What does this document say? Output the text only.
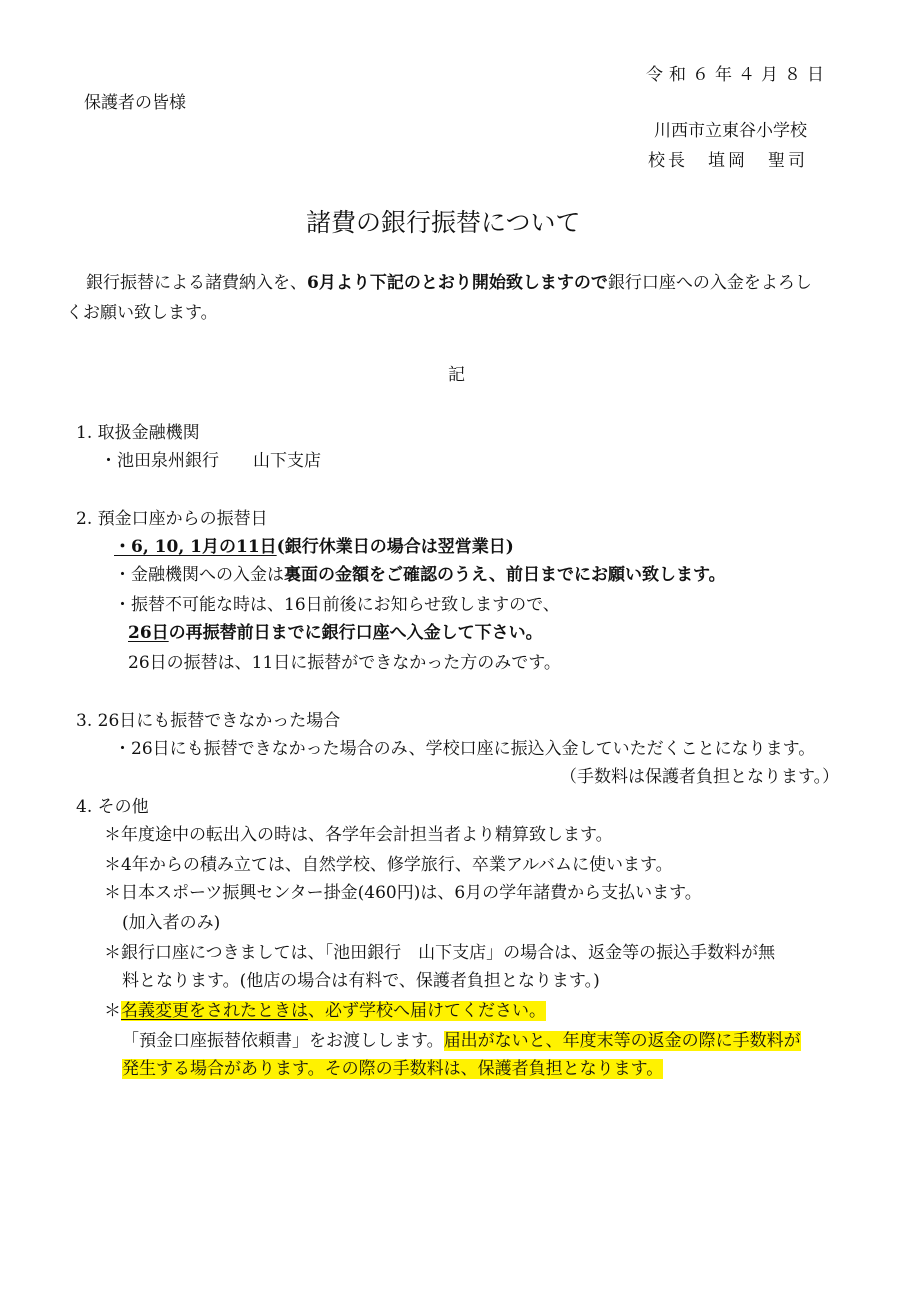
令和６年４月８日
保護者の皆様
川西市立東谷小学校
校長　埴岡　聖司
諸費の銀行振替について
銀行振替による諸費納入を、6月より下記のとおり開始致しますので銀行口座への入金をよろし
くお願い致します。
記
1. 取扱金融機関
・池田泉州銀行　　山下支店
2. 預金口座からの振替日
・6, 10, 1月の11日(銀行休業日の場合は翌営業日)
・金融機関への入金は裏面の金額をご確認のうえ、前日までにお願い致します。
・振替不可能な時は、16日前後にお知らせ致しますので、
26日の再振替前日までに銀行口座へ入金して下さい。
26日の振替は、11日に振替ができなかった方のみです。
3. 26日にも振替できなかった場合
・26日にも振替できなかった場合のみ、学校口座に振込入金していただくことになります。
（手数料は保護者負担となります。）
4. その他
＊年度途中の転出入の時は、各学年会計担当者より精算致します。
＊4年からの積み立ては、自然学校、修学旅行、卒業アルバムに使います。
＊日本スポーツ振興センター掛金(460円)は、6月の学年諸費から支払います。
(加入者のみ)
＊銀行口座につきましては、「池田銀行　山下支店」の場合は、返金等の振込手数料が無
料となります。(他店の場合は有料で、保護者負担となります。)
＊名義変更をされたときは、必ず学校へ届けてください。
「預金口座振替依頼書」をお渡しします。届出がないと、年度末等の返金の際に手数料が
発生する場合があります。その際の手数料は、保護者負担となります。
